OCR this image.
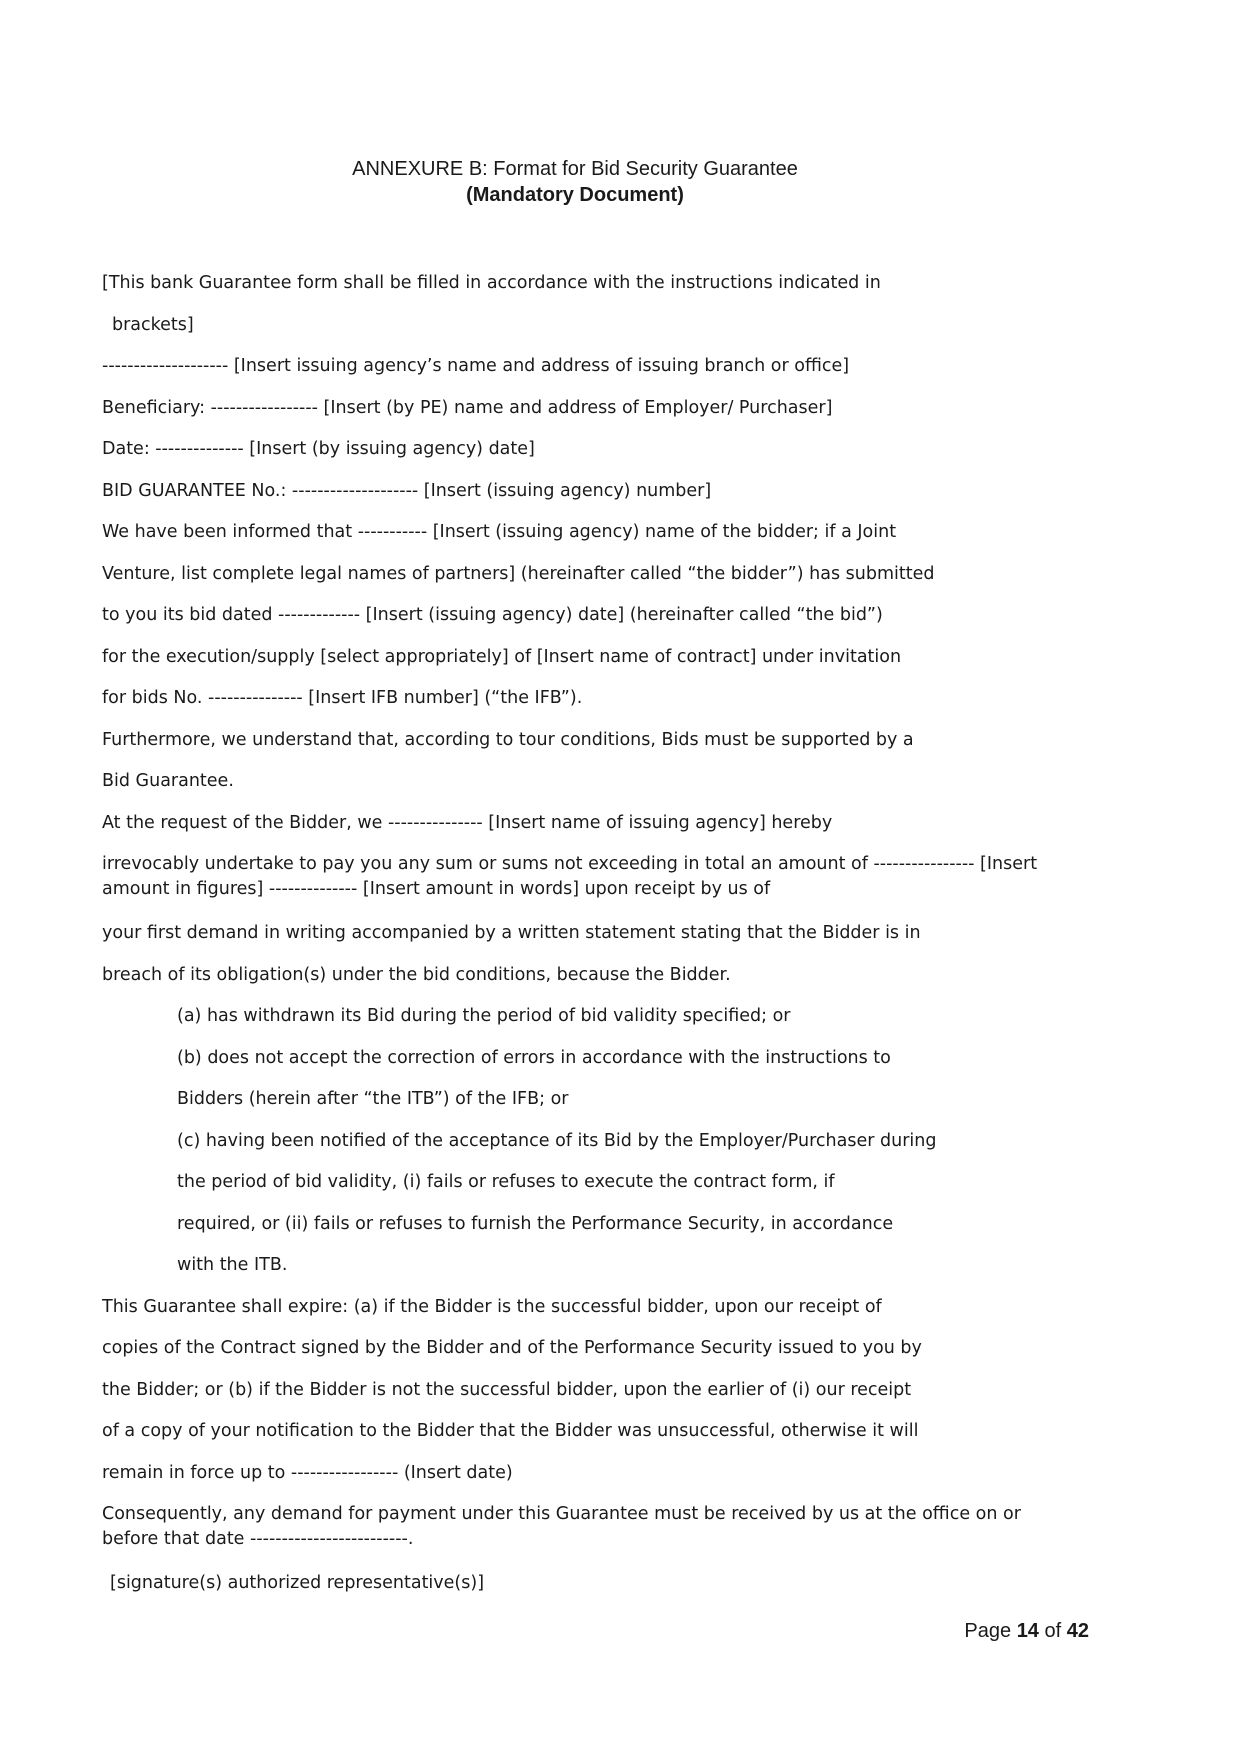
ANNEXURE B: Format for Bid Security Guarantee
(Mandatory Document)
[This bank Guarantee form shall be filled in accordance with the instructions indicated in
brackets]
-------------------- [Insert issuing agency’s name and address of issuing branch or office]
Beneficiary: ----------------- [Insert (by PE) name and address of Employer/ Purchaser]
Date: -------------- [Insert (by issuing agency) date]
BID GUARANTEE No.: -------------------- [Insert (issuing agency) number]
We have been informed that ----------- [Insert (issuing agency) name of the bidder; if a Joint
Venture, list complete legal names of partners] (hereinafter called “the bidder”) has submitted
to you its bid dated ------------- [Insert (issuing agency) date] (hereinafter called “the bid”)
for the execution/supply [select appropriately] of [Insert name of contract] under invitation
for bids No. --------------- [Insert IFB number] (“the IFB”).
Furthermore, we understand that, according to tour conditions, Bids must be supported by a
Bid Guarantee.
At the request of the Bidder, we --------------- [Insert name of issuing agency] hereby
irrevocably undertake to pay you any sum or sums not exceeding in total an amount of ---------------- [Insert amount in figures] -------------- [Insert amount in words] upon receipt by us of
your first demand in writing accompanied by a written statement stating that the Bidder is in
breach of its obligation(s) under the bid conditions, because the Bidder.
(a) has withdrawn its Bid during the period of bid validity specified; or
(b) does not accept the correction of errors in accordance with the instructions to
Bidders (herein after “the ITB”) of the IFB; or
(c) having been notified of the acceptance of its Bid by the Employer/Purchaser during
the period of bid validity, (i) fails or refuses to execute the contract form, if
required, or (ii) fails or refuses to furnish the Performance Security, in accordance
with the ITB.
This Guarantee shall expire: (a) if the Bidder is the successful bidder, upon our receipt of
copies of the Contract signed by the Bidder and of the Performance Security issued to you by
the Bidder; or (b) if the Bidder is not the successful bidder, upon the earlier of (i) our receipt
of a copy of your notification to the Bidder that the Bidder was unsuccessful, otherwise it will
remain in force up to ----------------- (Insert date)
Consequently, any demand for payment under this Guarantee must be received by us at the office on or before that date -------------------------.
[signature(s) authorized representative(s)]
Page 14 of 42
